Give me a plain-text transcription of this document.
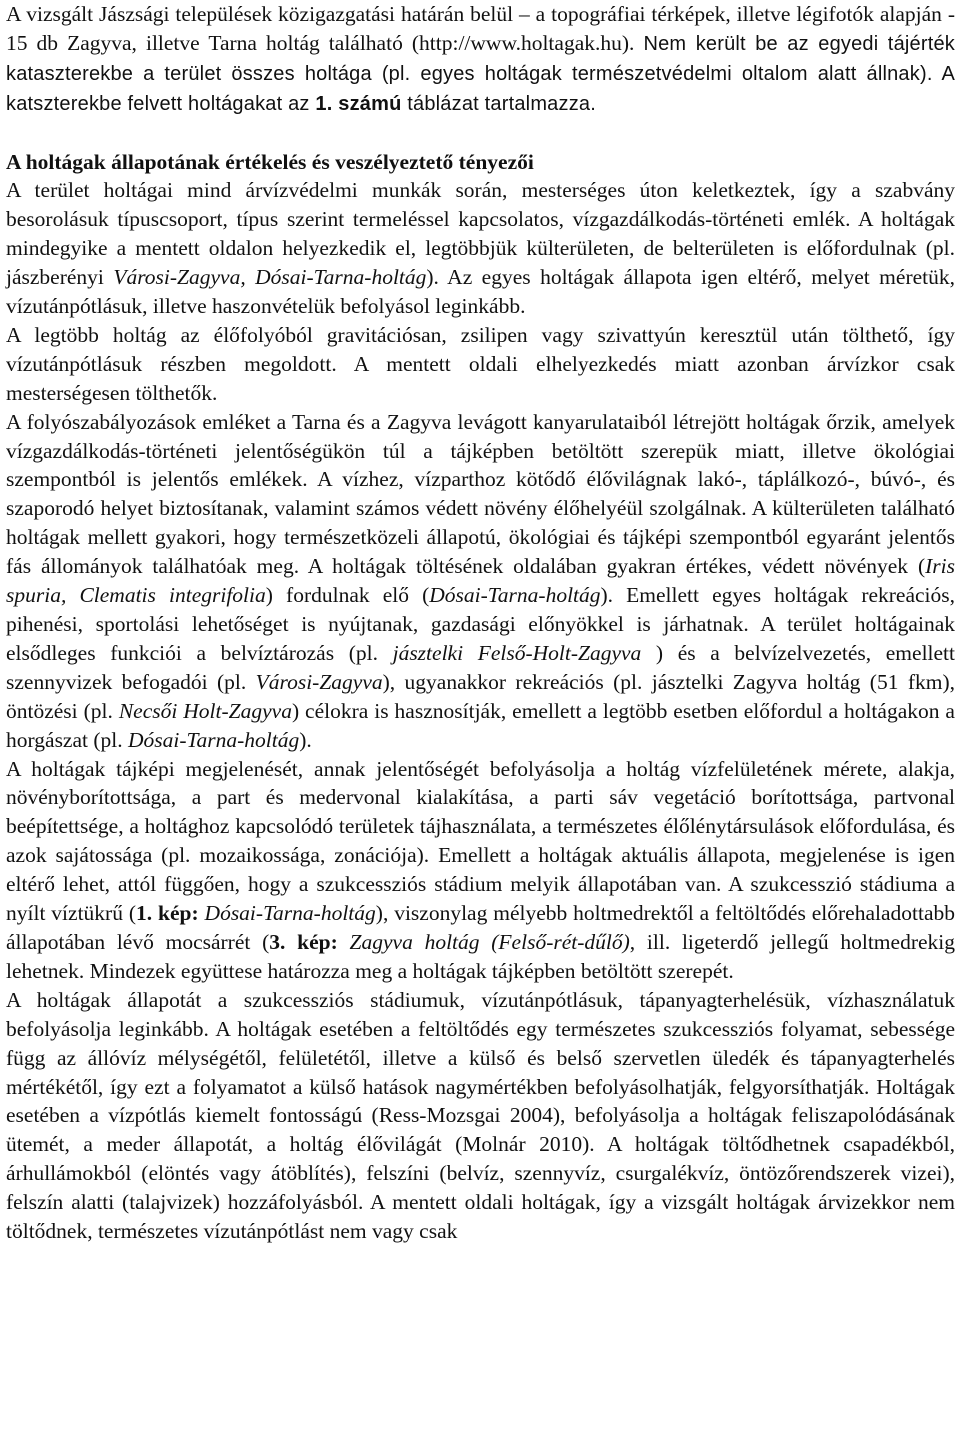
A vizsgált Jászsági települések közigazgatási határán belül – a topográfiai térképek, illetve légifotók alapján - 15 db Zagyva, illetve Tarna holtág található (http://www.holtagak.hu). Nem került be az egyedi tájérték kataszterekbe a terület összes holtága (pl. egyes holtágak természetvédelmi oltalom alatt állnak). A katszterekbe felvett holtágakat az 1. számú táblázat tartalmazza.

A holtágak állapotának értékelés és veszélyeztető tényezői

A terület holtágai mind árvízvédelmi munkák során, mesterséges úton keletkeztek, így a szabvány besorolásuk típuscsoport, típus szerint termeléssel kapcsolatos, vízgazdálkodás-történeti emlék. A holtágak mindegyike a mentett oldalon helyezkedik el, legtöbbjük külterületen, de belterületen is előfordulnak (pl. jászberényi Városi-Zagyva, Dósai-Tarna-holtág). Az egyes holtágak állapota igen eltérő, melyet méretük, vízutánpótlásuk, illetve haszonvételük befolyásol leginkább.

A legtöbb holtág az élőfolyóból gravitációsan, zsilipen vagy szivattyún keresztül után tölthető, így vízutánpótlásuk részben megoldott. A mentett oldali elhelyezkedés miatt azonban árvízkor csak mesterségesen tölthetők.

A folyószabályozások emléket a Tarna és a Zagyva levágott kanyarulataiból létrejött holtágak őrzik, amelyek vízgazdálkodás-történeti jelentőségükön túl a tájképben betöltött szerepük miatt, illetve ökológiai szempontból is jelentős emlékek. A vízhez, vízparthoz kötődő élővilágnak lakó-, táplálkozó-, búvó-, és szaporodó helyet biztosítanak, valamint számos védett növény élőhelyéül szolgálnak. A külterületen található holtágak mellett gyakori, hogy természetközeli állapotú, ökológiai és tájképi szempontból egyaránt jelentős fás állományok találhatóak meg. A holtágak töltésének oldalában gyakran értékes, védett növények (Iris spuria, Clematis integrifolia) fordulnak elő (Dósai-Tarna-holtág). Emellett egyes holtágak rekreációs, pihenési, sportolási lehetőséget is nyújtanak, gazdasági előnyökkel is járhatnak. A terület holtágainak elsődleges funkciói a belvíztározás (pl. jásztelki Felső-Holt-Zagyva ) és a belvízelvezetés, emellett szennyvizek befogadói (pl. Városi-Zagyva), ugyanakkor rekreációs (pl. jásztelki Zagyva holtág (51 fkm), öntözési (pl. Necsői Holt-Zagyva) célokra is hasznosítják, emellett a legtöbb esetben előfordul a holtágakon a horgászat (pl. Dósai-Tarna-holtág).

A holtágak tájképi megjelenését, annak jelentőségét befolyásolja a holtág vízfelületének mérete, alakja, növényborítottsága, a part és medervonal kialakítása, a parti sáv vegetáció borítottsága, partvonal beépítettsége, a holtághoz kapcsolódó területek tájhasználata, a természetes élőlénytársulások előfordulása, és azok sajátossága (pl. mozaikossága, zonációja). Emellett a holtágak aktuális állapota, megjelenése is igen eltérő lehet, attól függően, hogy a szukcessziós stádium melyik állapotában van. A szukcesszió stádiuma a nyílt víztükrű (1. kép: Dósai-Tarna-holtág), viszonylag mélyebb holtmedrektől a feltöltődés előrehaladottabb állapotában lévő mocsárrét (3. kép: Zagyva holtág (Felső-rét-dűlő), ill. ligeterdő jellegű holtmedrekig lehetnek. Mindezek együttese határozza meg a holtágak tájképben betöltött szerepét.

A holtágak állapotát a szukcessziós stádiumuk, vízutánpótlásuk, tápanyagterhelésük, vízhasználatuk befolyásolja leginkább. A holtágak esetében a feltöltődés egy természetes szukcessziós folyamat, sebessége függ az állóvíz mélységétől, felületétől, illetve a külső és belső szervetlen üledék és tápanyagterhelés mértékétől, így ezt a folyamatot a külső hatások nagymértékben befolyásolhatják, felgyorsíthatják. Holtágak esetében a vízpótlás kiemelt fontosságú (Ress-Mozsgai 2004), befolyásolja a holtágak feliszapolódásának ütemét, a meder állapotát, a holtág élővilágát (Molnár 2010). A holtágak töltődhetnek csapadékból, árhullámokból (elöntés vagy átöblítés), felszíni (belvíz, szennyvíz, csurgalékvíz, öntözőrendszerek vizei), felszín alatti (talajvizek) hozzáfolyásból. A mentett oldali holtágak, így a vizsgált holtágak árvizekkor nem töltődnek, természetes vízutánpótlást nem vagy csak
